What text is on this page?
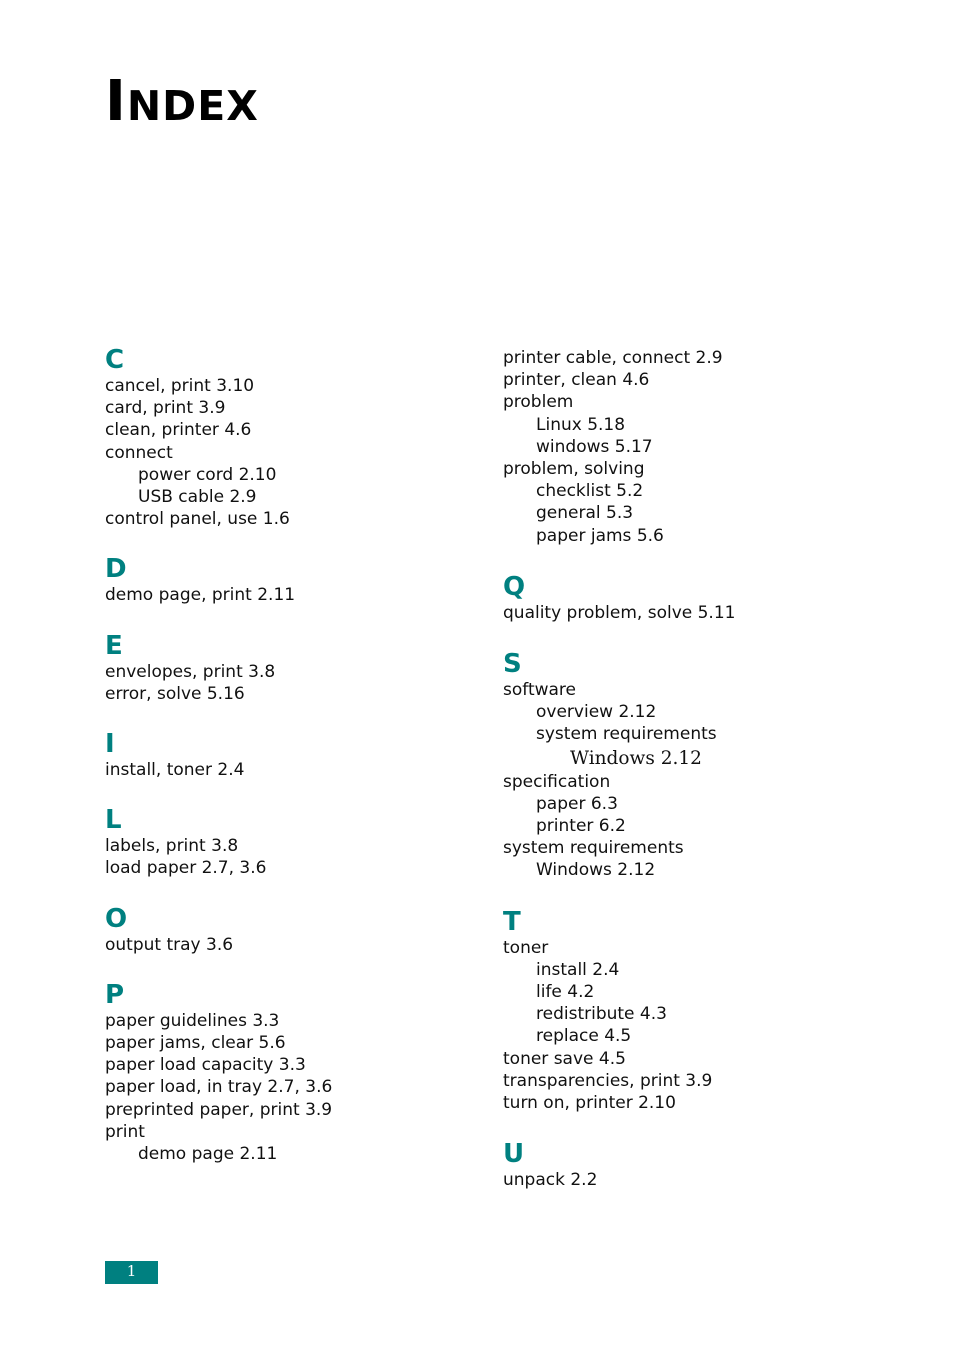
INDEX
C
cancel, print 3.10
card, print 3.9
clean, printer 4.6
connect
power cord 2.10
USB cable 2.9
control panel, use 1.6
D
demo page, print 2.11
E
envelopes, print 3.8
error, solve 5.16
I
install, toner 2.4
L
labels, print 3.8
load paper 2.7, 3.6
O
output tray 3.6
P
paper guidelines 3.3
paper jams, clear 5.6
paper load capacity 3.3
paper load, in tray 2.7, 3.6
preprinted paper, print 3.9
print
demo page 2.11
printer cable, connect 2.9
printer, clean 4.6
problem
Linux 5.18
windows 5.17
problem, solving
checklist 5.2
general 5.3
paper jams 5.6
Q
quality problem, solve 5.11
S
software
overview 2.12
system requirements
Windows 2.12
specification
paper 6.3
printer 6.2
system requirements
Windows 2.12
T
toner
install 2.4
life 4.2
redistribute 4.3
replace 4.5
toner save 4.5
transparencies, print 3.9
turn on, printer 2.10
U
unpack 2.2
1
